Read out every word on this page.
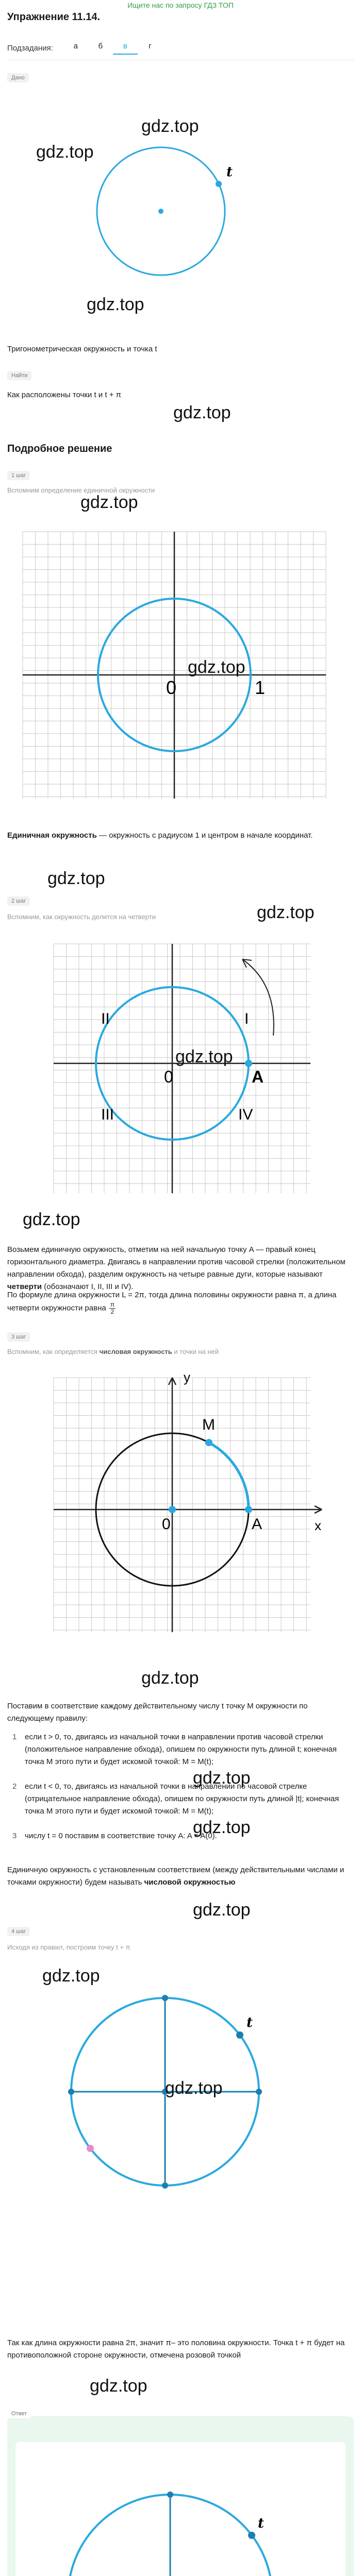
Ищите нас по запросу ГДЗ ТОП
Упражнение 11.14.
Подзадания:	а	б	в	г
Дано
gdz.top
gdz.top
gdz.top
t
Тригонометрическая окружность и точка t
Найти
Как расположены точки t и t + π
gdz.top
Подробное решение
1 шаг
Вспомним определение единичной окружности
gdz.top
0	1
gdz.top
Единичная окружность — окружность с радиусом 1 и центром в начале координат.
gdz.top
2 шаг
Вспомним, как окружность делится на четверти	gdz.top
I
II
III	IV
0	A
gdz.top
gdz.top
Возьмем единичную окружность, отметим на ней начальную точку A — правый конец горизонтального диаметра. Двигаясь в направлении против часовой стрелки (положительном направлении обхода), разделим окружность на четыре равные дуги, которые называют четверти (обозначают I, II, III и IV).
По формуле длина окружности L = 2π, тогда длина половины окружности равна π, а длина четверти окружности равна $\frac{\pi}{2}$
3 шаг
Вспомним, как определяется числовая окружность и точки на ней
y
x
M
0	A
gdz.top
Поставим в соответствие каждому действительному числу t точку M окружности по следующему правилу:
1	если t > 0, то, двигаясь из начальной точки в направлении против часовой стрелки (положительное направление обхода), опишем по окружности путь длиной t; конечная точка M этого пути и будет искомой точкой: M = M(t);
2	если t < 0, то, двигаясь из начальной точки в направлении по часовой стрелке (отрицательное направление обхода), опишем по окружности путь длиной |t|; конечная точка M этого пути и будет искомой точкой: M = M(t);
3	числу t = 0 поставим в соответствие точку A: A = A(0).
gdz.top
gdz.top
Единичную окружность с установленным соответствием (между действительными числами и точками окружности) будем называть числовой окружностью
gdz.top
4 шаг
Исходя из правил, построим точку t + π
gdz.top
t
gdz.top
Так как длина окружности равна 2π, значит π– это половина окружности. Точка t + π будет на противоположной стороне окружности, отмечена розовой точкой
gdz.top
Ответ
t
